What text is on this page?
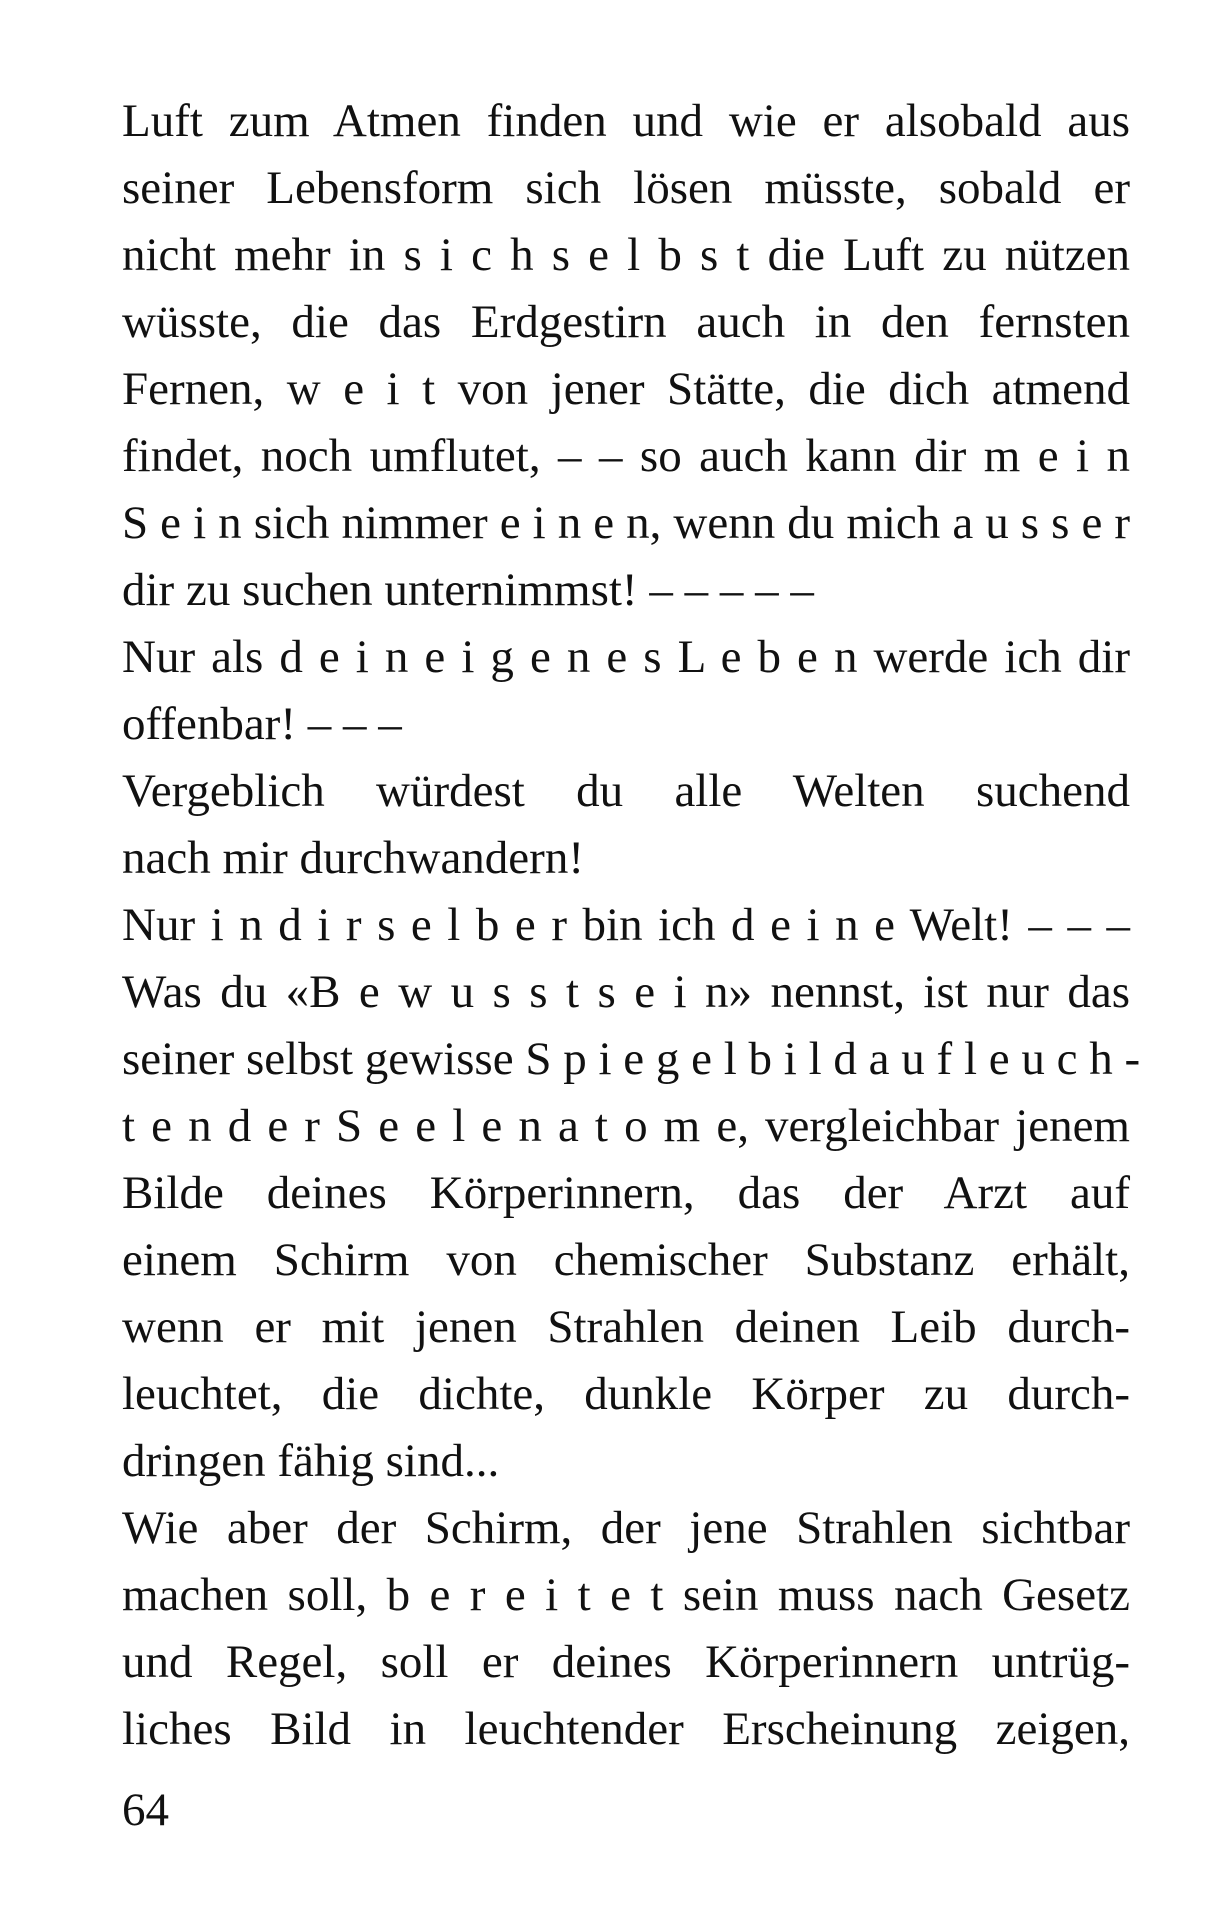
Luft zum Atmen finden und wie er alsobald aus
seiner Lebensform sich lösen müsste, sobald er
nicht mehr in s i c h s e l b s t die Luft zu nützen
wüsste, die das Erdgestirn auch in den fernsten
Fernen, w e i t von jener Stätte, die dich atmend
findet, noch umflutet, – – so auch kann dir m e i n
S e i n sich nimmer e i n e n, wenn du mich a u s s e r
dir zu suchen unternimmst! – – – – –
Nur als d e i n e i g e n e s L e b e n werde ich dir
offenbar! – – –
Vergeblich würdest du alle Welten suchend
nach mir durchwandern!
Nur i n d i r s e l b e r bin ich d e i n e Welt! – – –
Was du «B e w u s s t s e i n» nennst, ist nur das
seiner selbst gewisse S p i e g e l b i l d a u f l e u c h -
t e n d e r S e e l e n a t o m e, vergleichbar jenem
Bilde deines Körperinnern, das der Arzt auf
einem Schirm von chemischer Substanz erhält,
wenn er mit jenen Strahlen deinen Leib durch-
leuchtet, die dichte, dunkle Körper zu durch-
dringen fähig sind...
Wie aber der Schirm, der jene Strahlen sichtbar
machen soll, b e r e i t e t sein muss nach Gesetz
und Regel, soll er deines Körperinnern untrüg-
liches Bild in leuchtender Erscheinung zeigen,
64
